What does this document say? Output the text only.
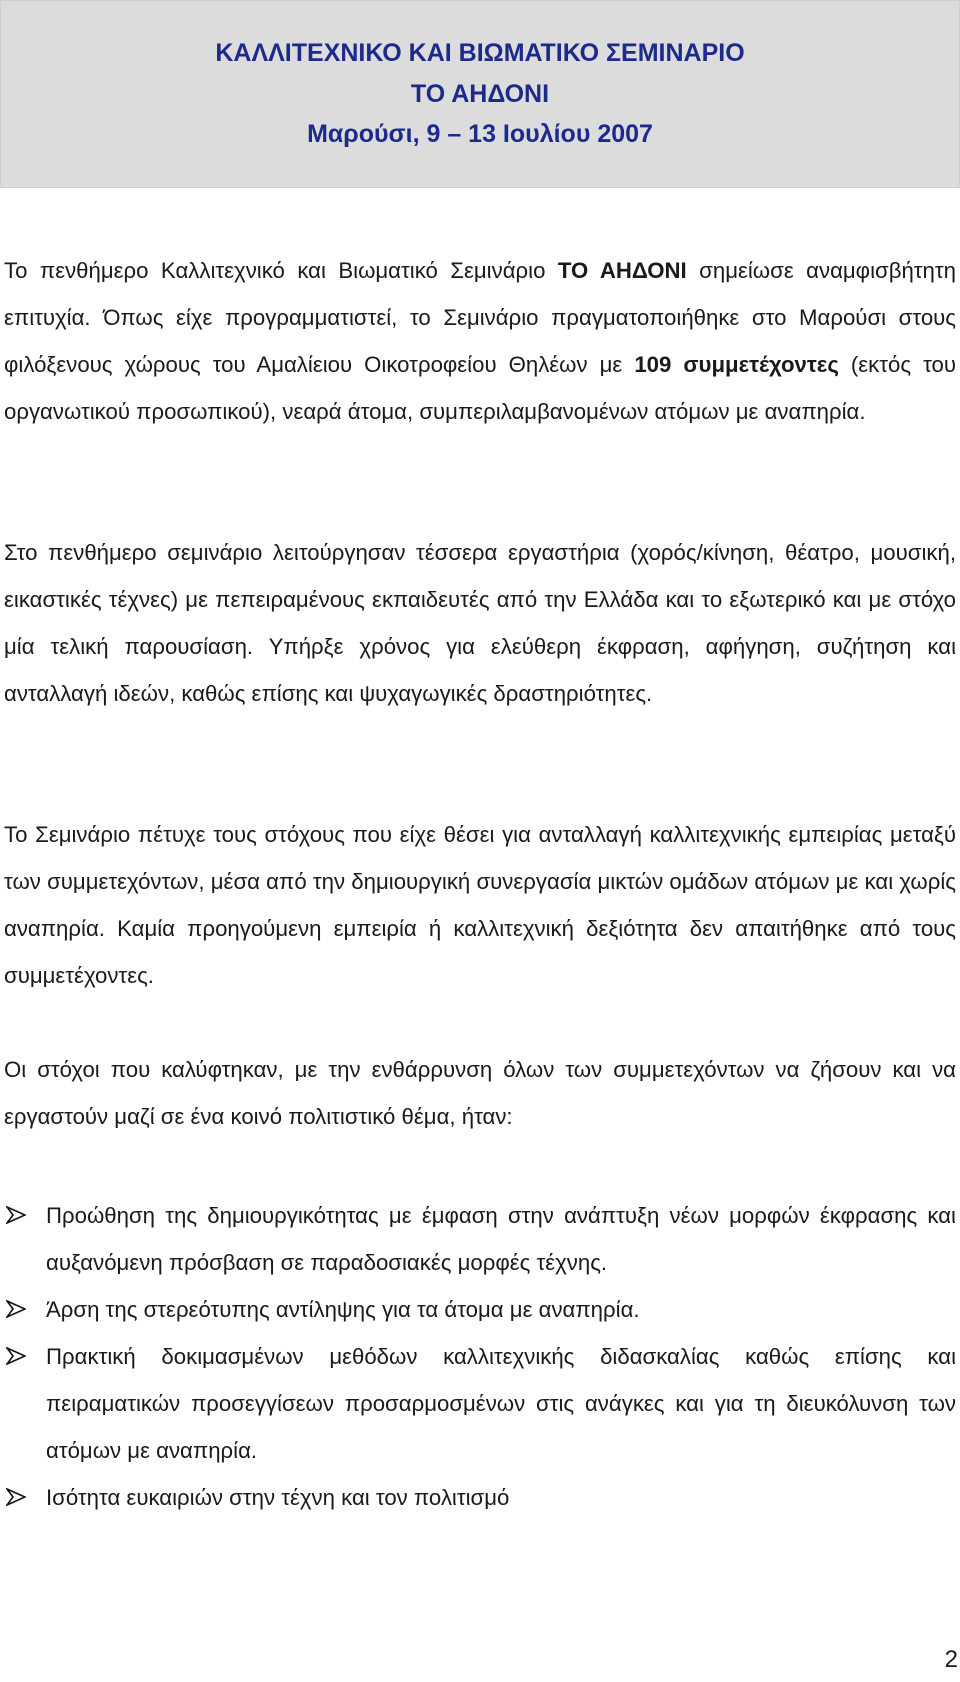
ΚΑΛΛΙΤΕΧΝΙΚΟ ΚΑΙ ΒΙΩΜΑΤΙΚΟ ΣΕΜΙΝΑΡΙΟ
ΤΟ ΑΗΔΟΝΙ
Μαρούσι, 9 – 13 Ιουλίου 2007

Το πενθήμερο Καλλιτεχνικό και Βιωματικό Σεμινάριο ΤΟ ΑΗΔΟΝΙ σημείωσε αναμφισβήτητη επιτυχία. Όπως είχε προγραμματιστεί, το Σεμινάριο πραγματοποιήθηκε στο Μαρούσι στους φιλόξενους χώρους του Αμαλίειου Οικοτροφείου Θηλέων με 109 συμμετέχοντες (εκτός του οργανωτικού προσωπικού), νεαρά άτομα, συμπεριλαμβανομένων ατόμων με αναπηρία.

Στο πενθήμερο σεμινάριο λειτούργησαν τέσσερα εργαστήρια (χορός/κίνηση, θέατρο, μουσική, εικαστικές τέχνες) με πεπειραμένους εκπαιδευτές από την Ελλάδα και το εξωτερικό και με στόχο μία τελική παρουσίαση. Υπήρξε χρόνος για ελεύθερη έκφραση, αφήγηση, συζήτηση και ανταλλαγή ιδεών, καθώς επίσης και ψυχαγωγικές δραστηριότητες.

Το Σεμινάριο πέτυχε τους στόχους που είχε θέσει για ανταλλαγή καλλιτεχνικής εμπειρίας μεταξύ των συμμετεχόντων, μέσα από την δημιουργική συνεργασία μικτών ομάδων ατόμων με και χωρίς αναπηρία. Καμία προηγούμενη εμπειρία ή καλλιτεχνική δεξιότητα δεν απαιτήθηκε από τους συμμετέχοντες.

Οι στόχοι που καλύφτηκαν, με την ενθάρρυνση όλων των συμμετεχόντων να ζήσουν και να εργαστούν μαζί σε ένα κοινό πολιτιστικό θέμα, ήταν:

Προώθηση της δημιουργικότητας με έμφαση στην ανάπτυξη νέων μορφών έκφρασης και αυξανόμενη πρόσβαση σε παραδοσιακές μορφές τέχνης.
Άρση της στερεότυπης αντίληψης για τα άτομα με αναπηρία.
Πρακτική δοκιμασμένων μεθόδων καλλιτεχνικής διδασκαλίας καθώς επίσης και πειραματικών προσεγγίσεων προσαρμοσμένων στις ανάγκες και για τη διευκόλυνση των ατόμων με αναπηρία.
Ισότητα ευκαιριών στην τέχνη και τον πολιτισμό
2
